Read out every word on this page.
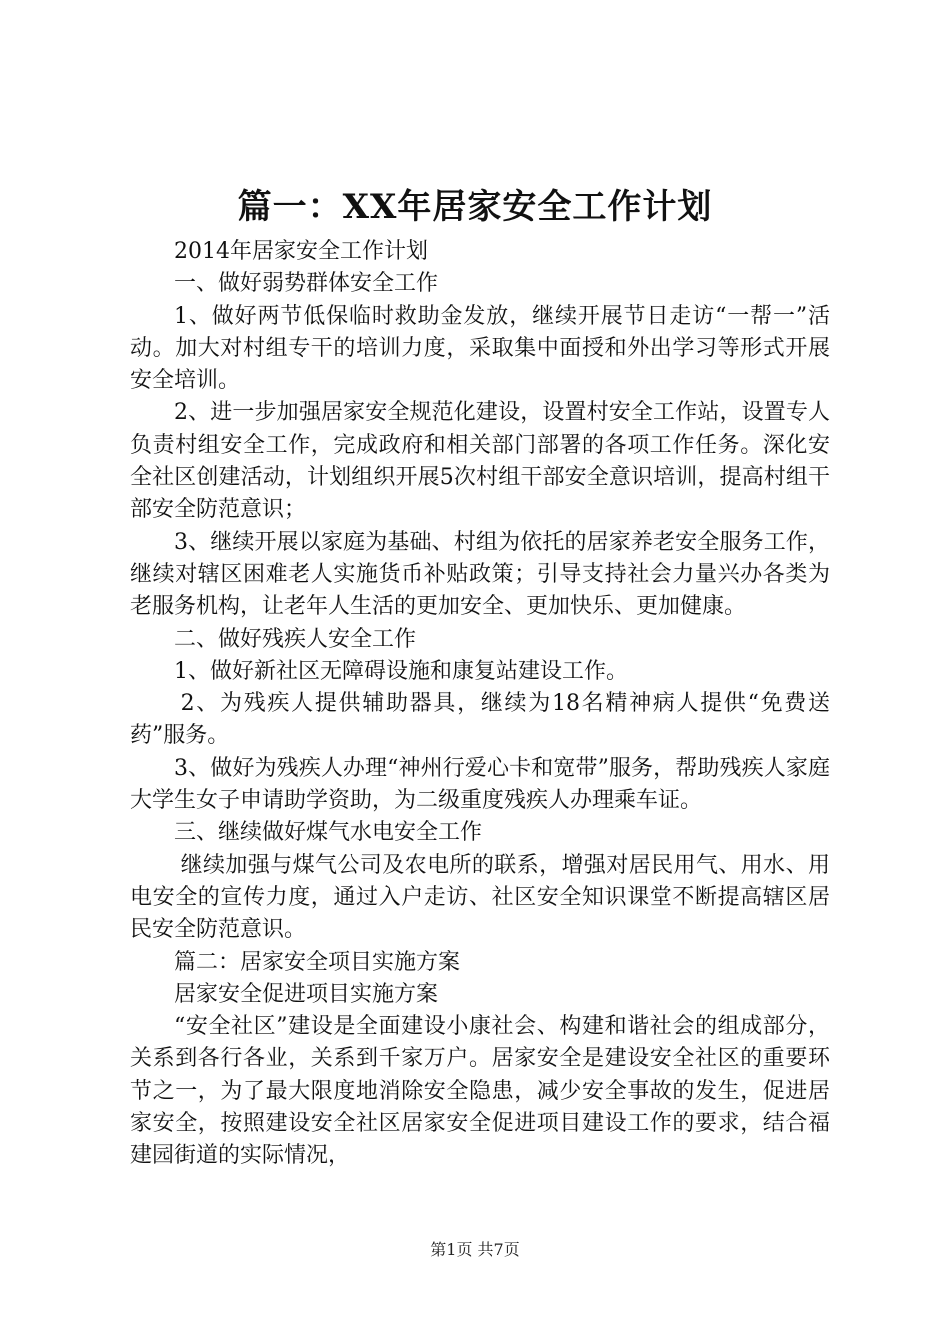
篇一：XX年居家安全工作计划

2014年居家安全工作计划

一、做好弱势群体安全工作

1、做好两节低保临时救助金发放，继续开展节日走访“一帮一”活动。加大对村组专干的培训力度，采取集中面授和外出学习等形式开展安全培训。

2、进一步加强居家安全规范化建设，设置村安全工作站，设置专人负责村组安全工作，完成政府和相关部门部署的各项工作任务。深化安全社区创建活动，计划组织开展5次村组干部安全意识培训，提高村组干部安全防范意识；

3、继续开展以家庭为基础、村组为依托的居家养老安全服务工作，继续对辖区困难老人实施货币补贴政策；引导支持社会力量兴办各类为老服务机构，让老年人生活的更加安全、更加快乐、更加健康。

二、做好残疾人安全工作

1、做好新社区无障碍设施和康复站建设工作。

2、为残疾人提供辅助器具，继续为18名精神病人提供“免费送药”服务。

3、做好为残疾人办理“神州行爱心卡和宽带”服务，帮助残疾人家庭大学生女子申请助学资助，为二级重度残疾人办理乘车证。

三、继续做好煤气水电安全工作

继续加强与煤气公司及农电所的联系，增强对居民用气、用水、用电安全的宣传力度，通过入户走访、社区安全知识课堂不断提高辖区居民安全防范意识。

篇二：居家安全项目实施方案

居家安全促进项目实施方案

“安全社区”建设是全面建设小康社会、构建和谐社会的组成部分，关系到各行各业，关系到千家万户。居家安全是建设安全社区的重要环节之一，为了最大限度地消除安全隐患，减少安全事故的发生，促进居家安全，按照建设安全社区居家安全促进项目建设工作的要求，结合福建园街道的实际情况，

第1页 共7页
